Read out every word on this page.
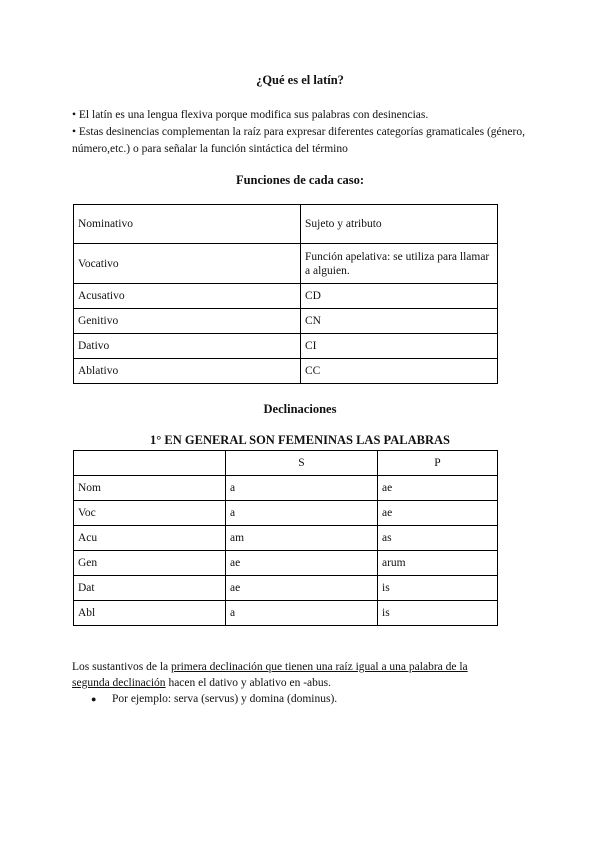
¿Qué es el latín?

• El latín es una lengua flexiva porque modifica sus palabras con desinencias.

• Estas desinencias complementan la raíz para expresar diferentes categorías gramaticales (género, número,etc.) o para señalar la función sintáctica del término

Funciones de cada caso:
Nominativo	Sujeto y atributo
Vocativo	Función apelativa: se utiliza para llamar a alguien.
Acusativo	CD
Genitivo	CN
Dativo	CI
Ablativo	CC
Declinaciones
1° EN GENERAL SON FEMENINAS LAS PALABRAS
	S	P
Nom	a	ae
Voc	a	ae
Acu	am	as
Gen	ae	arum
Dat	ae	is
Abl	a	is

Los sustantivos de la primera declinación que tienen una raíz igual a una palabra de la segunda declinación hacen el dativo y ablativo en -abus.

● Por ejemplo: serva (servus) y domina (dominus).
